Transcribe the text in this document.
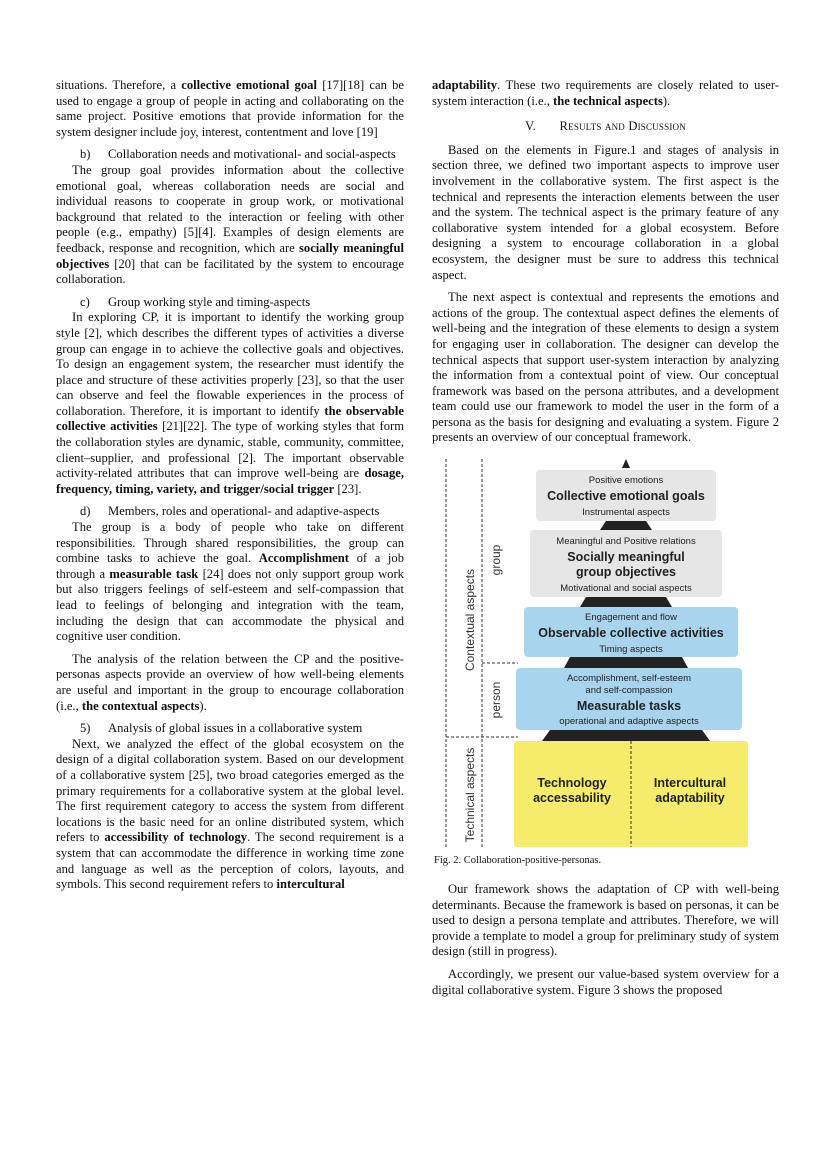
situations. Therefore, a collective emotional goal [17][18] can be used to engage a group of people in acting and collaborating on the same project. Positive emotions that provide information for the system designer include joy, interest, contentment and love [19]

b)	Collaboration needs and motivational- and social-aspects

The group goal provides information about the collective emotional goal, whereas collaboration needs are social and individual reasons to cooperate in group work, or motivational background that related to the interaction or feeling with other people (e.g., empathy) [5][4]. Examples of design elements are feedback, response and recognition, which are socially meaningful objectives [20] that can be facilitated by the system to encourage collaboration.

c)	Group working style and timing-aspects

In exploring CP, it is important to identify the working group style [2], which describes the different types of activities a diverse group can engage in to achieve the collective goals and objectives. To design an engagement system, the researcher must identify the place and structure of these activities properly [23], so that the user can observe and feel the flowable experiences in the process of collaboration. Therefore, it is important to identify the observable collective activities [21][22]. The type of working styles that form the collaboration styles are dynamic, stable, community, committee, client–supplier, and professional [2]. The important observable activity-related attributes that can improve well-being are dosage, frequency, timing, variety, and trigger/social trigger [23].

d)	Members, roles and operational- and adaptive-aspects

The group is a body of people who take on different responsibilities. Through shared responsibilities, the group can combine tasks to achieve the goal. Accomplishment of a job through a measurable task [24] does not only support group work but also triggers feelings of self-esteem and self-compassion that lead to feelings of belonging and integration with the team, including the design that can accommodate the physical and cognitive user condition.

The analysis of the relation between the CP and the positive-personas aspects provide an overview of how well-being elements are useful and important in the group to encourage collaboration (i.e., the contextual aspects).

5)	Analysis of global issues in a collaborative system

Next, we analyzed the effect of the global ecosystem on the design of a digital collaboration system. Based on our development of a collaborative system [25], two broad categories emerged as the primary requirements for a collaborative system at the global level. The first requirement category to access the system from different locations is the basic need for an online distributed system, which refers to accessibility of technology. The second requirement is a system that can accommodate the difference in working time zone and language as well as the perception of colors, layouts, and symbols. This second requirement refers to intercultural

adaptability. These two requirements are closely related to user-system interaction (i.e., the technical aspects).

V. Results and Discussion

Based on the elements in Figure.1 and stages of analysis in section three, we defined two important aspects to improve user involvement in the collaborative system. The first aspect is the technical and represents the interaction elements between the user and the system. The technical aspect is the primary feature of any collaborative system intended for a global ecosystem. Before designing a system to encourage collaboration in a global ecosystem, the designer must be sure to address this technical aspect.

The next aspect is contextual and represents the emotions and actions of the group. The contextual aspect defines the elements of well-being and the integration of these elements to design a system for engaging user in collaboration. The designer can develop the technical aspects that support user-system interaction by analyzing the information from a contextual point of view. Our conceptual framework was based on the persona attributes, and a development team could use our framework to model the user in the form of a persona as the basis for designing and evaluating a system. Figure 2 presents an overview of our conceptual framework.

Contextual aspects
group
person
Technical aspects
Positive emotions
Collective emotional goals
Instrumental aspects
Meaningful and Positive relations
Socially meaningful
group objectives
Motivational and social aspects
Engagement and flow
Observable collective activities
Timing aspects
Accomplishment, self-esteem
and self-compassion
Measurable tasks
operational and adaptive aspects
Technology
accessability
Intercultural
adaptability
Fig. 2. Collaboration-positive-personas.

Our framework shows the adaptation of CP with well-being determinants. Because the framework is based on personas, it can be used to design a persona template and attributes. Therefore, we will provide a template to model a group for preliminary study of system design (still in progress).

Accordingly, we present our value-based system overview for a digital collaborative system. Figure 3 shows the proposed
